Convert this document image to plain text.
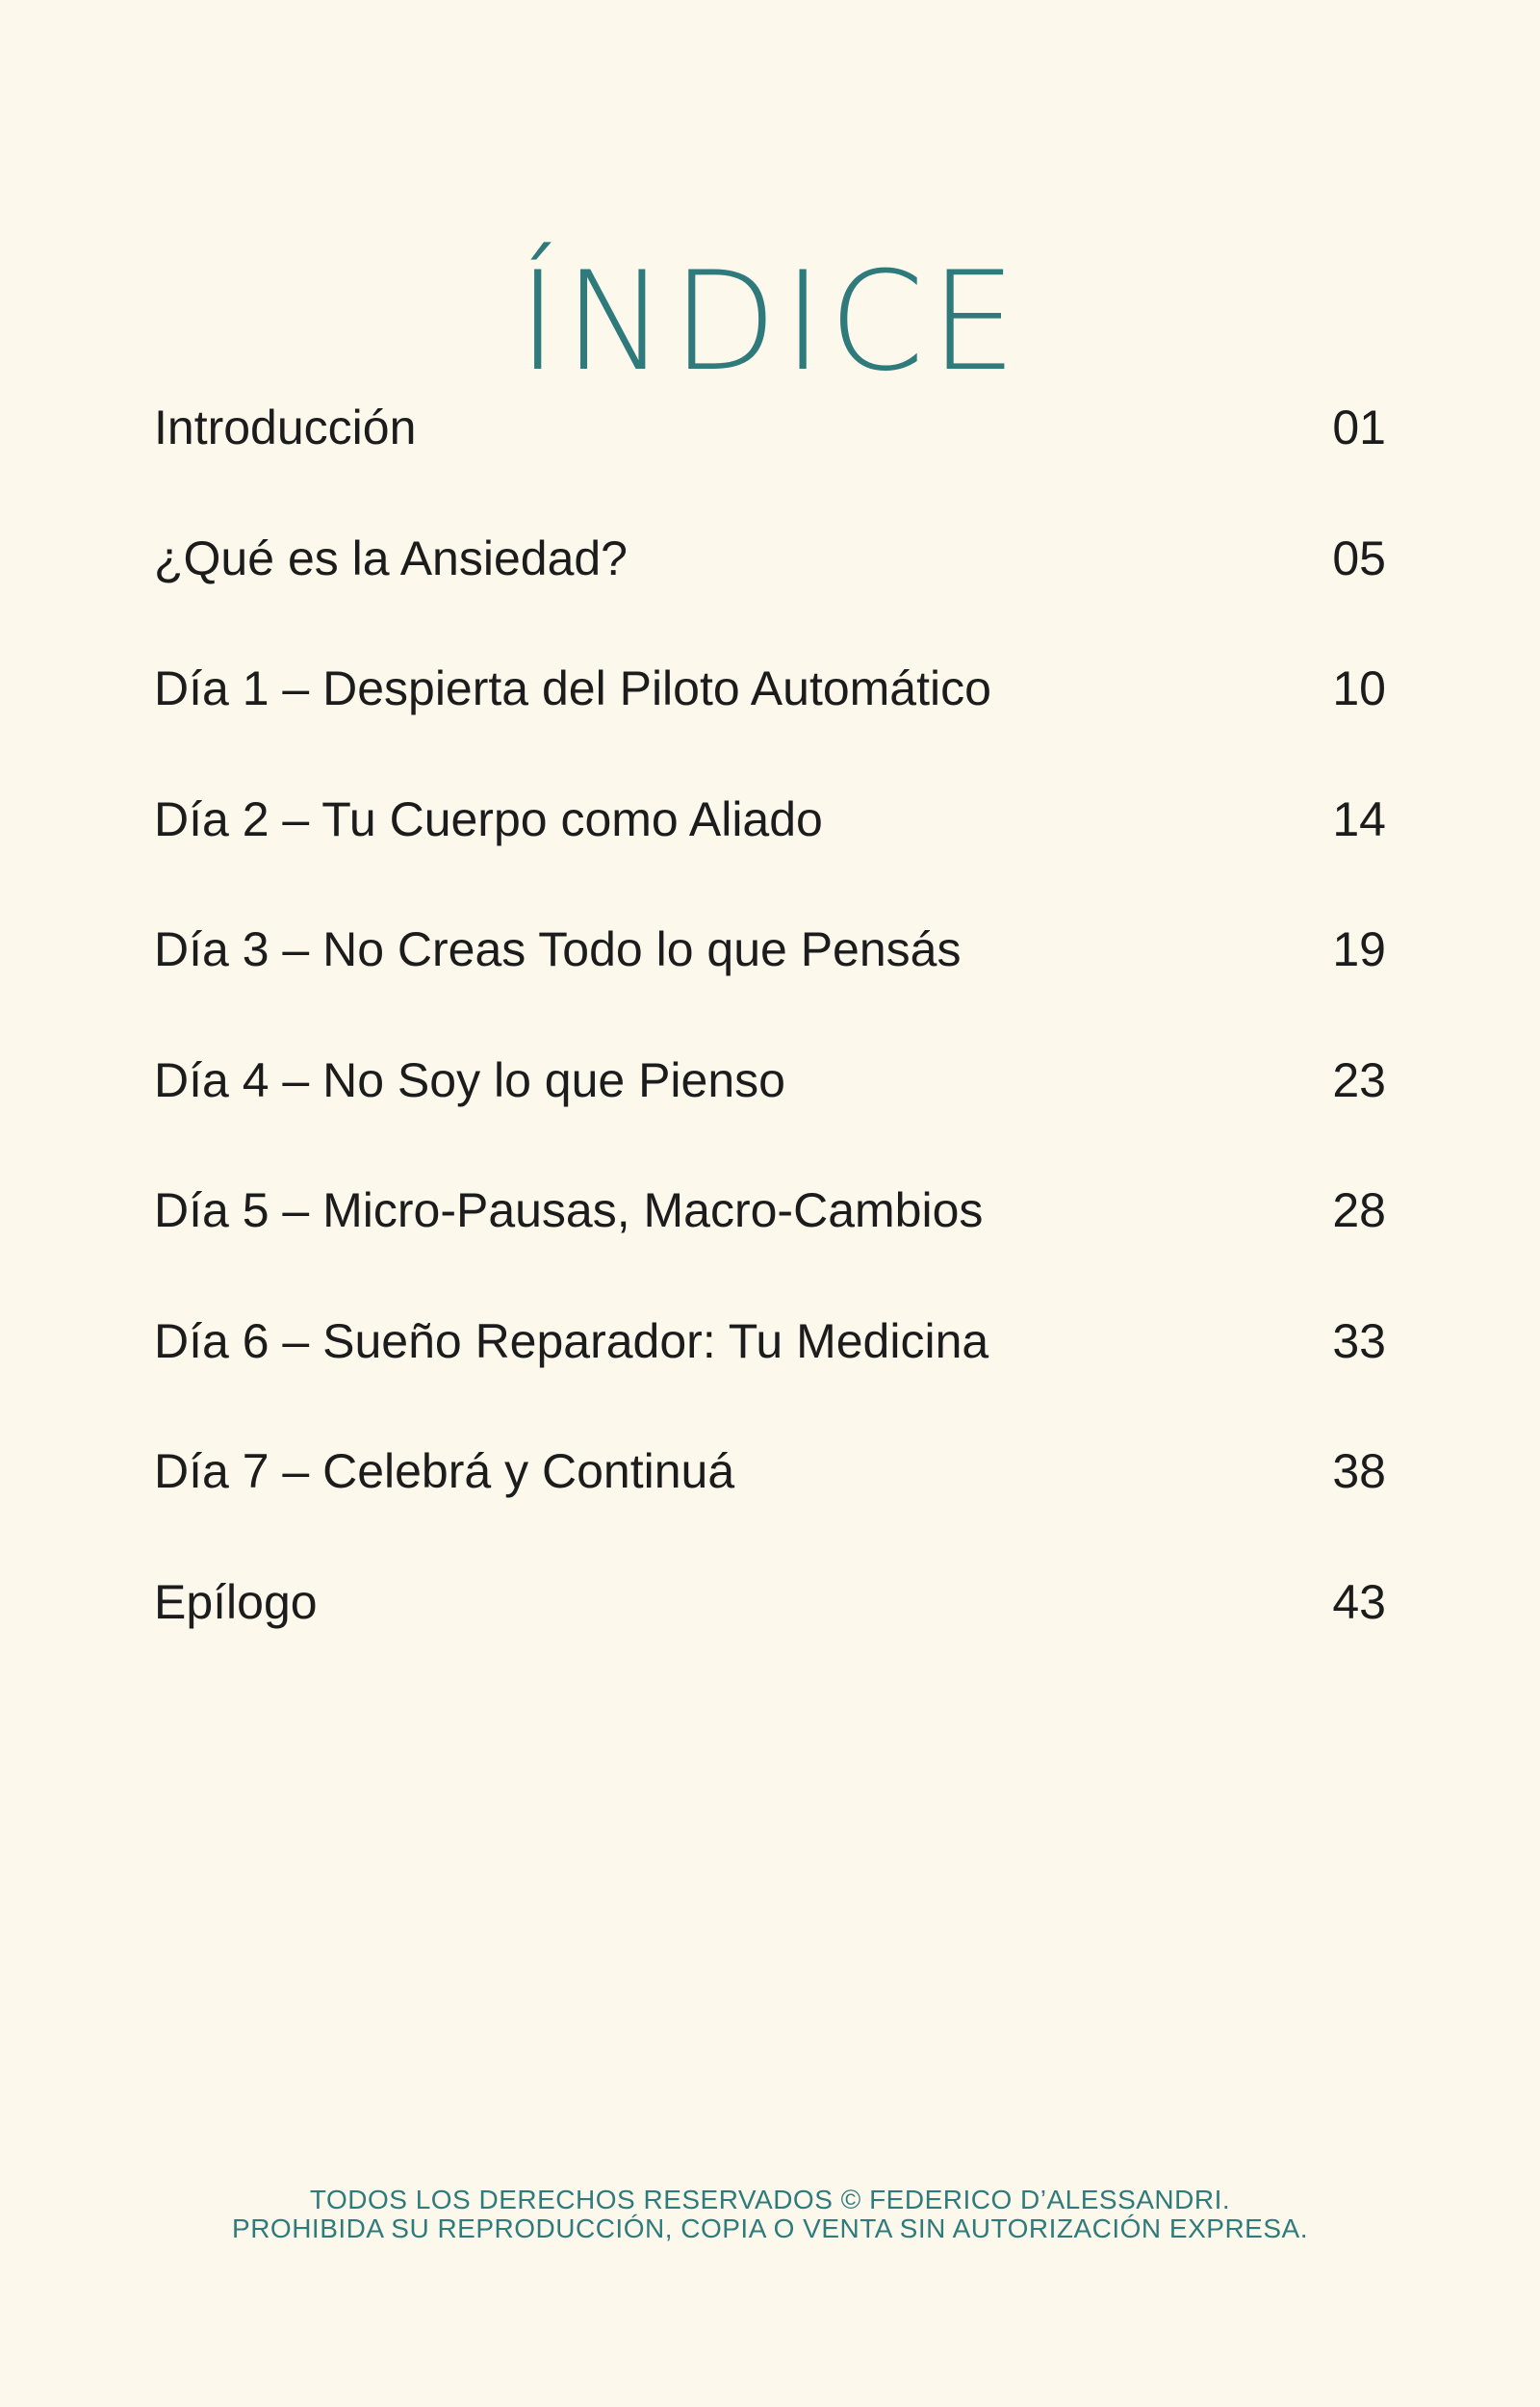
ÍNDICE
Introducción	01
¿Qué es la Ansiedad?	05
Día 1 – Despierta del Piloto Automático	10
Día 2 – Tu Cuerpo como Aliado	14
Día 3 – No Creas Todo lo que Pensás	19
Día 4 – No Soy lo que Pienso	23
Día 5 – Micro-Pausas, Macro-Cambios	28
Día 6 – Sueño Reparador: Tu Medicina	33
Día 7 – Celebrá y Continuá	38
Epílogo	43
TODOS LOS DERECHOS RESERVADOS © FEDERICO D’ALESSANDRI.
PROHIBIDA SU REPRODUCCIÓN, COPIA O VENTA SIN AUTORIZACIÓN EXPRESA.
